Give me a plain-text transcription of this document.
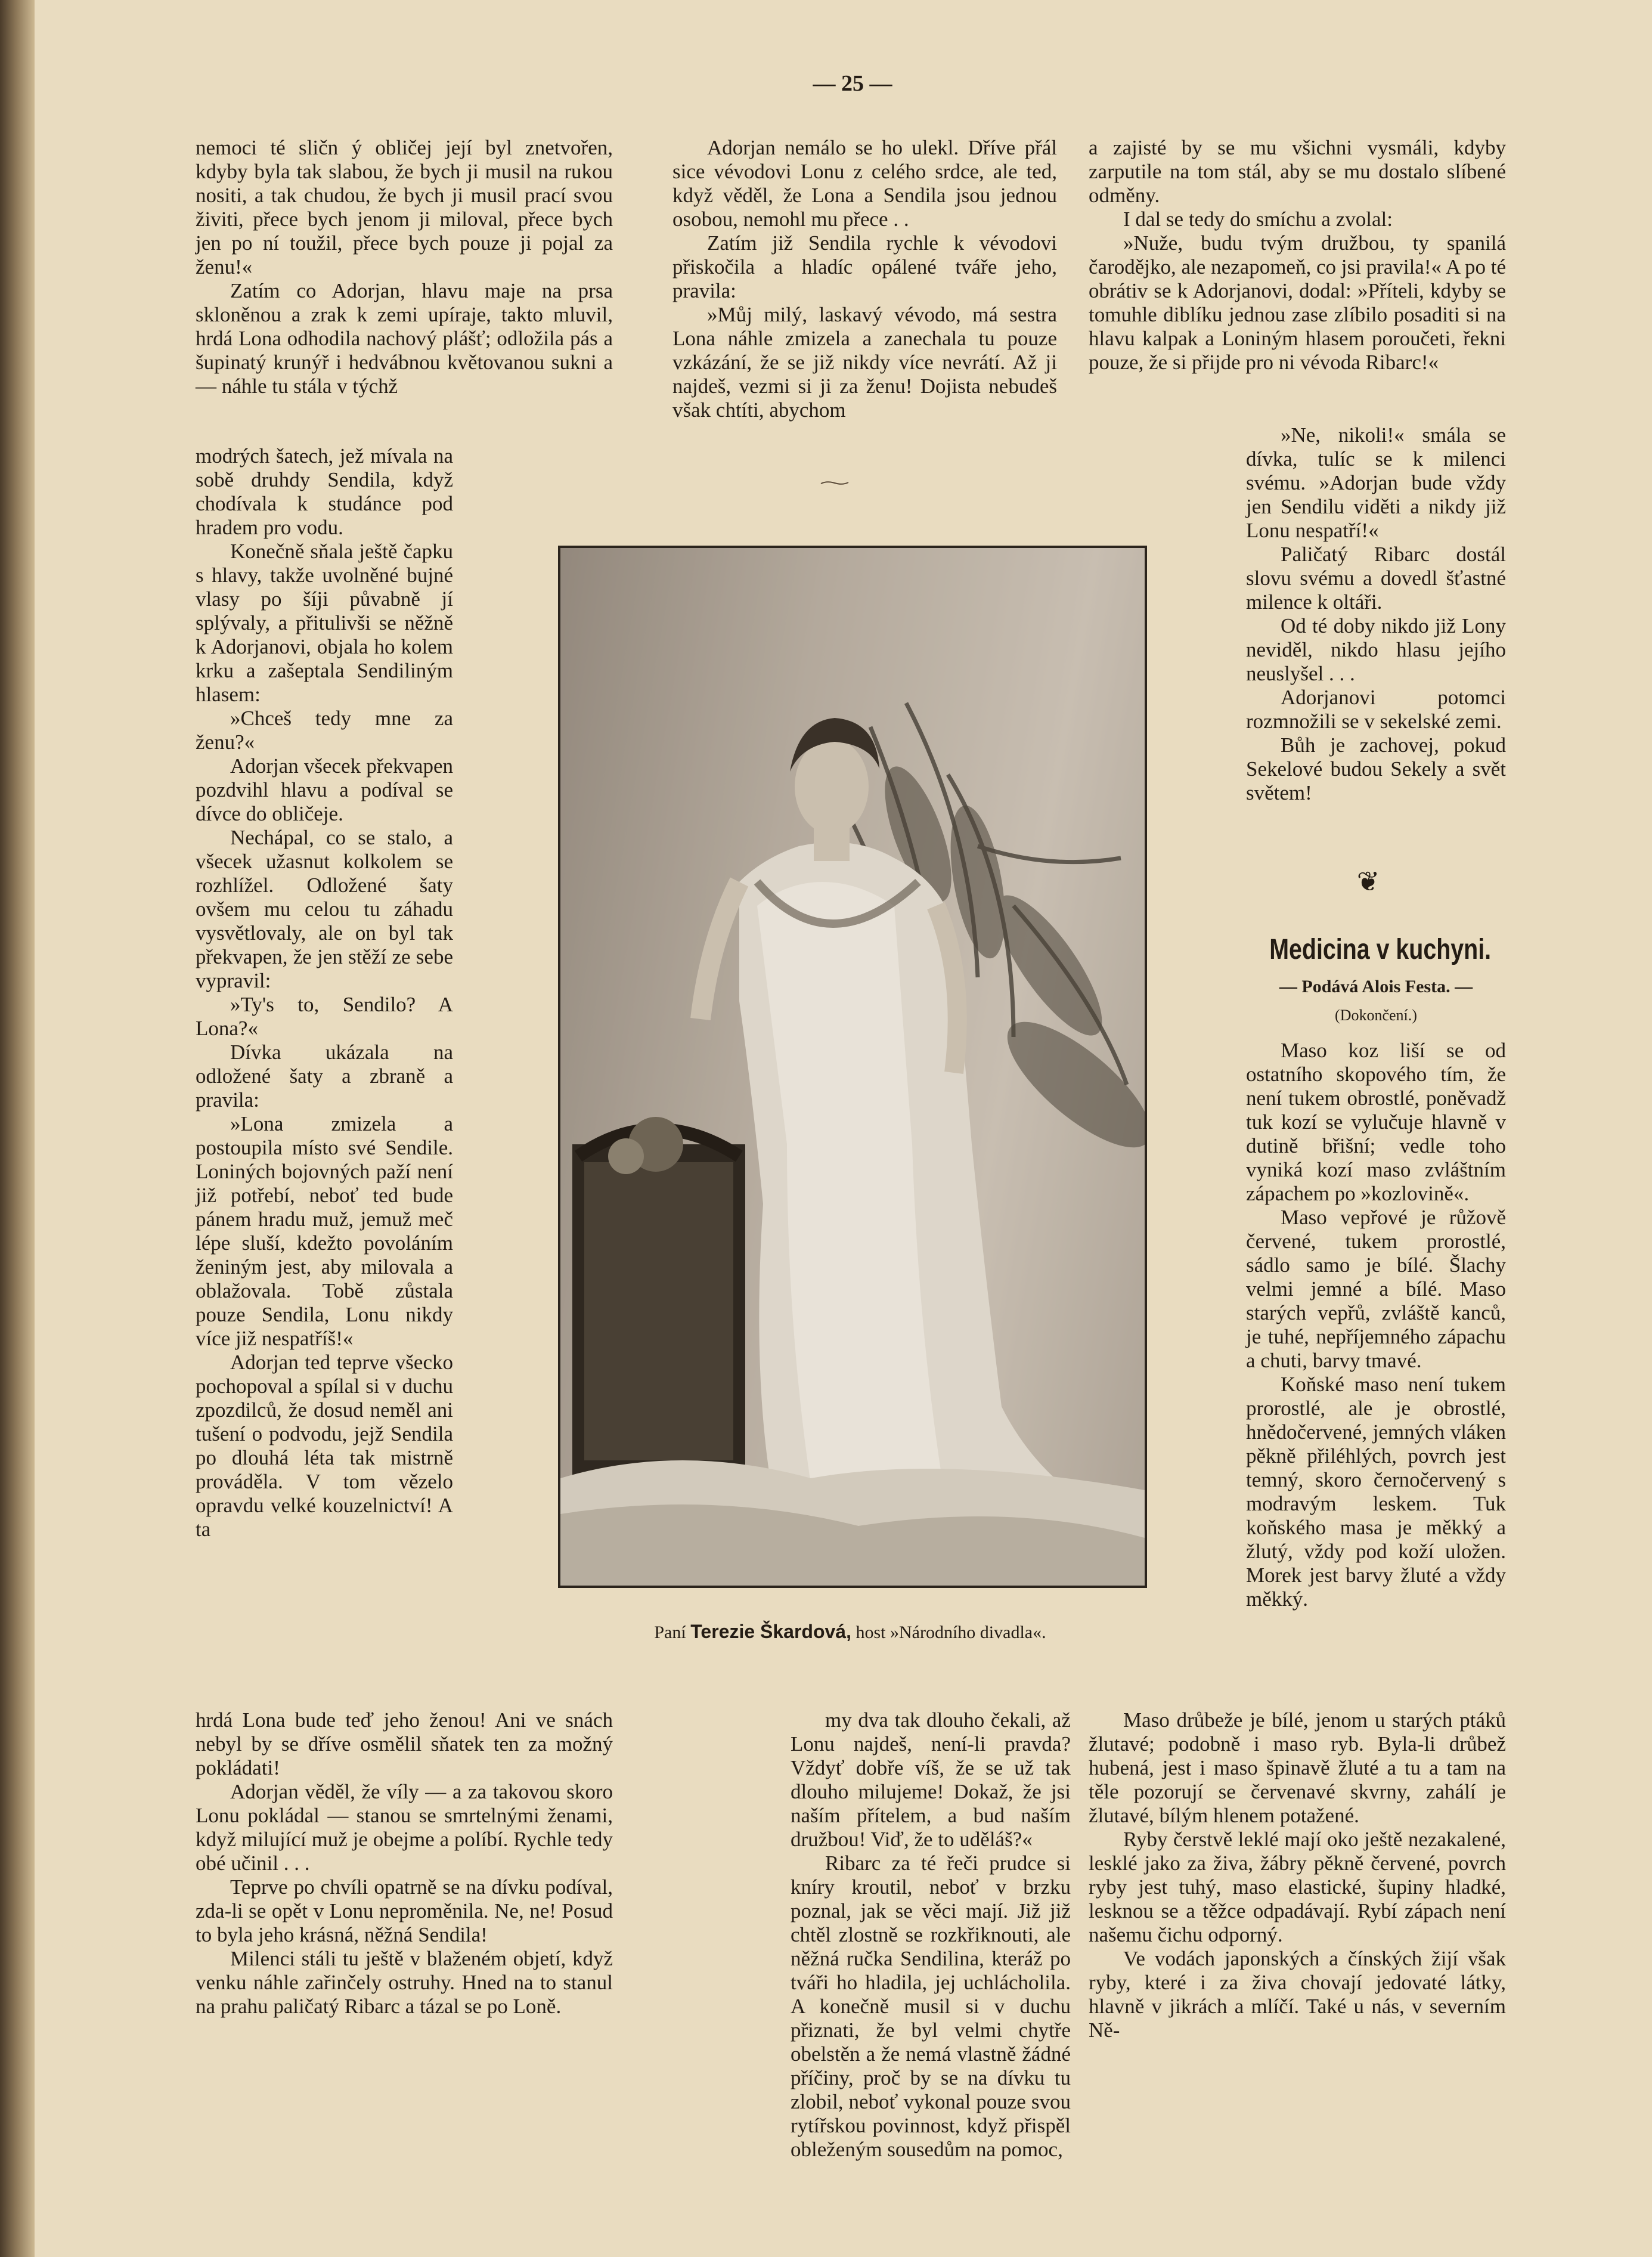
— 25 —

nemoci té sličn ý obličej její byl znetvořen, kdyby byla tak slabou, že bych ji musil na rukou nositi, a tak chudou, že bych ji musil prací svou živiti, přece bych jenom ji miloval, přece bych jen po ní toužil, přece bych pouze ji pojal za ženu!«

Zatím co Adorjan, hlavu maje na prsa skloněnou a zrak k zemi upíraje, takto mluvil, hrdá Lona odhodila nachový plášť; odložila pás a šupinatý krunýř i hedvábnou květovanou sukni a — náhle tu stála v týchž

modrých šatech, jež mívala na sobě druhdy Sendila, když chodívala k studánce pod hradem pro vodu.

Konečně sňala ještě čapku s hlavy, takže uvolněné bujné vlasy po šíji půvabně jí splývaly, a přitulivši se něžně k Adorjanovi, objala ho kolem krku a zašeptala Sendiliným hlasem:

»Chceš tedy mne za ženu?«

Adorjan všecek překvapen pozdvihl hlavu a podíval se dívce do obličeje.

Nechápal, co se stalo, a všecek užasnut kolkolem se rozhlížel. Odložené šaty ovšem mu celou tu záhadu vysvětlovaly, ale on byl tak překvapen, že jen stěží ze sebe vypravil:

»Ty's to, Sendilo? A Lona?«

Dívka ukázala na odložené šaty a zbraně a pravila:

»Lona zmizela a postoupila místo své Sendile. Loniných bojovných paží není již potřebí, neboť ted bude pánem hradu muž, jemuž meč lépe sluší, kdežto povoláním ženiným jest, aby milovala a oblažovala. Tobě zůstala pouze Sendila, Lonu nikdy více již nespatříš!«

Adorjan ted teprve všecko pochopoval a spílal si v duchu zpozdilců, že dosud neměl ani tušení o podvodu, jejž Sendila po dlouhá léta tak mistrně prováděla. V tom vězelo opravdu velké kouzelnictví! A ta

hrdá Lona bude teď jeho ženou! Ani ve snách nebyl by se dříve osmělil sňatek ten za možný pokládati!

Adorjan věděl, že víly — a za takovou skoro Lonu pokládal — stanou se smrtelnými ženami, když milující muž je obejme a políbí. Rychle tedy obé učinil . . .

Teprve po chvíli opatrně se na dívku podíval, zda-li se opět v Lonu neproměnila. Ne, ne! Posud to byla jeho krásná, něžná Sendila!

Milenci stáli tu ještě v blaženém objetí, když venku náhle zařinčely ostruhy. Hned na to stanul na prahu paličatý Ribarc a tázal se po Loně.

Adorjan nemálo se ho ulekl. Dříve přál sice vévodovi Lonu z celého srdce, ale ted, když věděl, že Lona a Sendila jsou jednou osobou, nemohl mu přece . .

Zatím již Sendila rychle k vévodovi přiskočila a hladíc opálené tváře jeho, pravila:

»Můj milý, laskavý vévodo, má sestra Lona náhle zmizela a zanechala tu pouze vzkázání, že se již nikdy více nevrátí. Až ji najdeš, vezmi si ji za ženu! Dojista nebudeš však chtíti, abychom

Paní Terezie Škardová, host »Národního divadla«.

my dva tak dlouho čekali, až Lonu najdeš, není-li pravda? Vždyť dobře víš, že se už tak dlouho milujeme! Dokaž, že jsi naším přítelem, a bud naším družbou! Viď, že to uděláš?«

Ribarc za té řeči prudce si kníry kroutil, neboť v brzku poznal, jak se věci mají. Již již chtěl zlostně se rozkřiknouti, ale něžná ručka Sendilina, kteráž po tváři ho hladila, jej uchlácholila. A konečně musil si v duchu přiznati, že byl velmi chytře obelstěn a že nemá vlastně žádné příčiny, proč by se na dívku tu zlobil, neboť vykonal pouze svou rytířskou povinnost, když přispěl obleženým sousedům na pomoc,

a zajisté by se mu všichni vysmáli, kdyby zarputile na tom stál, aby se mu dostalo slíbené odměny.

I dal se tedy do smíchu a zvolal:

»Nuže, budu tvým družbou, ty spanilá čarodějko, ale nezapomeň, co jsi pravila!« A po té obrátiv se k Adorjanovi, dodal: »Příteli, kdyby se tomuhle diblíku jednou zase zlíbilo posaditi si na hlavu kalpak a Loniným hlasem poroučeti, řekni pouze, že si přijde pro ni vévoda Ribarc!«

»Ne, nikoli!« smála se dívka, tulíc se k milenci svému. »Adorjan bude vždy jen Sendilu viděti a nikdy již Lonu nespatří!«

Paličatý Ribarc dostál slovu svému a dovedl šťastné milence k oltáři.

Od té doby nikdo již Lony neviděl, nikdo hlasu jejího neuslyšel . . .

Adorjanovi potomci rozmnožili se v sekelské zemi.

Bůh je zachovej, pokud Sekelové budou Sekely a svět světem!

❦
Medicina v kuchyni.
— Podává Alois Festa. —
(Dokončení.)

Maso koz liší se od ostatního skopového tím, že není tukem obrostlé, poněvadž tuk kozí se vylučuje hlavně v dutině břišní; vedle toho vyniká kozí maso zvláštním zápachem po »kozlovině«.

Maso vepřové je růžově červené, tukem prorostlé, sádlo samo je bílé. Šlachy velmi jemné a bílé. Maso starých vepřů, zvláště kanců, je tuhé, nepříjemného zápachu a chuti, barvy tmavé.

Koňské maso není tukem prorostlé, ale je obrostlé, hnědočervené, jemných vláken pěkně přiléhlých, povrch jest temný, skoro černočervený s modravým leskem. Tuk koňského masa je měkký a žlutý, vždy pod koží uložen. Morek jest barvy žluté a vždy měkký.

Maso drůbeže je bílé, jenom u starých ptáků žlutavé; podobně i maso ryb. Byla-li drůbež hubená, jest i maso špinavě žluté a tu a tam na těle pozorují se červenavé skvrny, zahálí je žlutavé, bílým hlenem potažené.

Ryby čerstvě leklé mají oko ještě nezakalené, lesklé jako za živa, žábry pěkně červené, povrch ryby jest tuhý, maso elastické, šupiny hladké, lesknou se a těžce odpadávají. Rybí zápach není našemu čichu odporný.

Ve vodách japonských a čínských žijí však ryby, které i za živa chovají jedovaté látky, hlavně v jikrách a mlíčí. Také u nás, v severním Ně-
